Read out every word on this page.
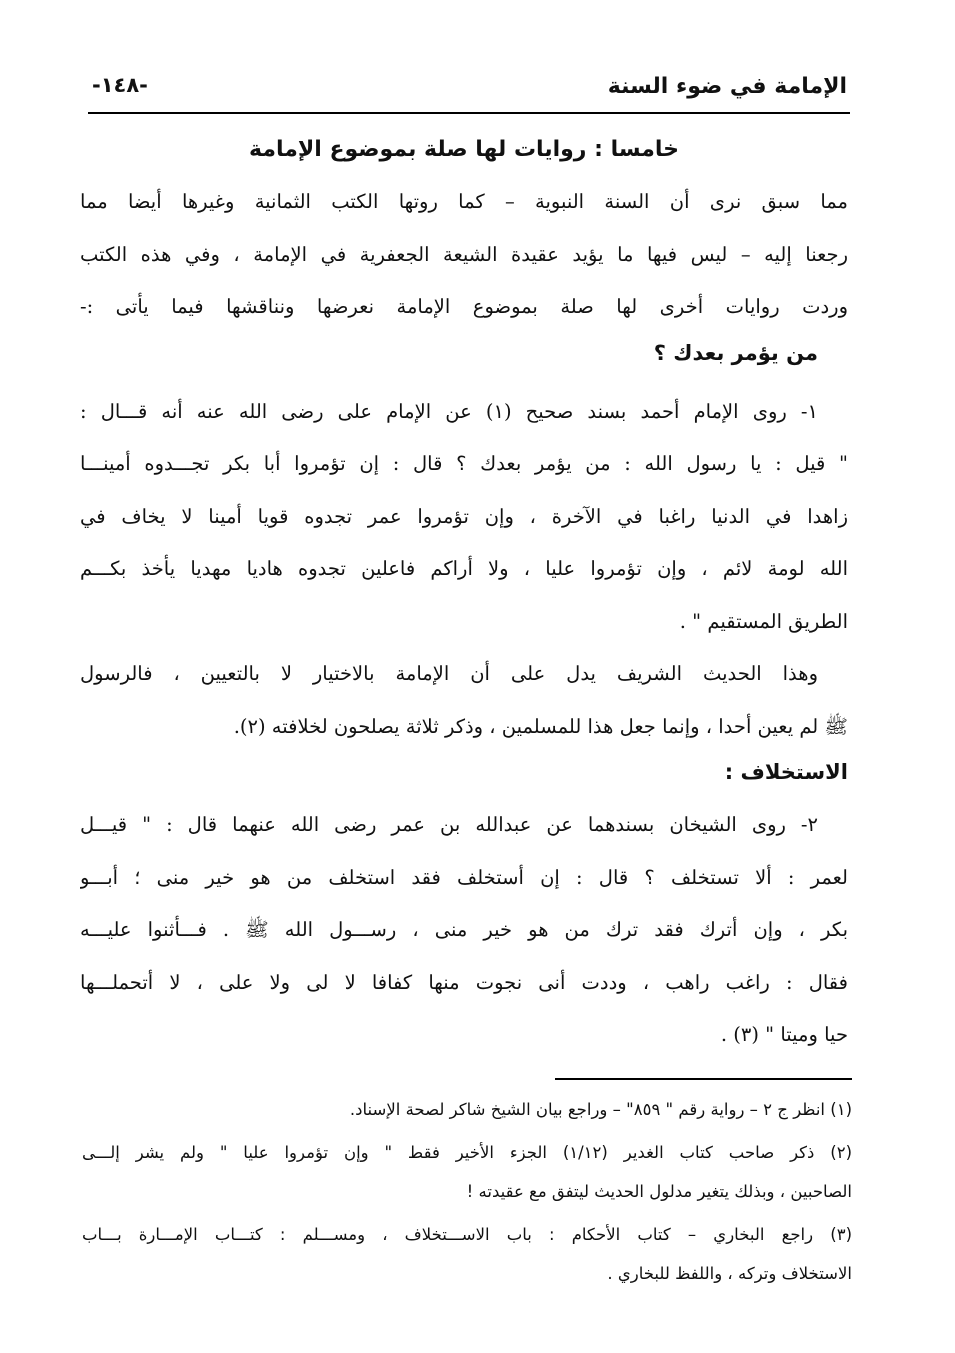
الإمامة في ضوء السنة
-١٤٨-
خامسا : روايات لها صلة بموضوع الإمامة
مما سبق نرى أن السنة النبوية – كما روتها الكتب الثمانية وغيرها أيضا مما
رجعنا إليه – ليس فيها ما يؤيد عقيدة الشيعة الجعفرية في الإمامة ، وفي هذه الكتب
وردت روايات أخرى لها صلة بموضوع الإمامة نعرضها ونناقشها فيما يأتى :-
من يؤمر بعدك ؟
١- روى الإمام أحمد بسند صحيح (١) عن الإمام على رضى الله عنه أنه قـــال :
" قيل : يا رسول الله : من يؤمر بعدك ؟ قال : إن تؤمروا أبا بكر تجـــدوه أمينـــا
زاهدا في الدنيا راغبا في الآخرة ، وإن تؤمروا عمر تجدوه قويا أمينا لا يخاف في
الله لومة لائم ، وإن تؤمروا عليا ، ولا أراكم فاعلين تجدوه هاديا مهديا يأخذ بكـــم
الطريق المستقيم " .
وهذا الحديث الشريف يدل على أن الإمامة بالاختيار لا بالتعيين ، فالرسول
ﷺ لم يعين أحدا ، وإنما جعل هذا للمسلمين ، وذكر ثلاثة يصلحون لخلافته (٢).
الاستخلاف :
٢- روى الشيخان بسندهما عن عبدالله بن عمر رضى الله عنهما قال : " قيـــل
لعمر : ألا تستخلف ؟ قال : إن أستخلف فقد استخلف من هو خير منى ؛ أبـــو
بكر ، وإن أترك فقد ترك من هو خير منى ، رســـول الله ﷺ . فـــأثنوا عليـــه
فقال : راغب راهب ، وددت أنى نجوت منها كفافا لا لى ولا على ، لا أتحملـــها
حيا وميتا " (٣) .
(١) انظر ج ٢ – رواية رقم " ٨٥٩" – وراجع بيان الشيخ شاكر لصحة الإسناد.
(٢) ذكر صاحب كتاب الغدير (١/١٢) الجزء الأخير فقط " وإن تؤمروا عليا " ولم يشر إلـــى
الصاحبين ، وبذلك يتغير مدلول الحديث ليتفق مع عقيدته !
(٣) راجع البخاري – كتاب الأحكام : باب الاســـتخلاف ، ومســـلم : كتـــاب الإمـــارة بـــاب
الاستخلاف وتركه ، واللفظ للبخاري .
